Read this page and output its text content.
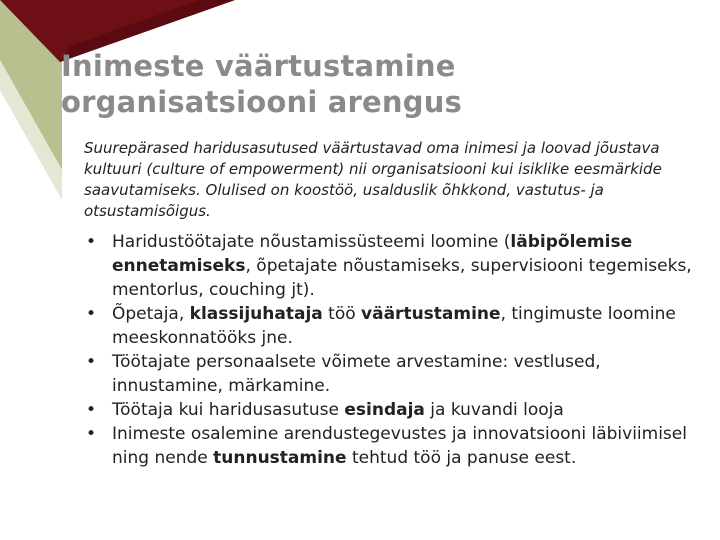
Inimeste väärtustamine
organisatsiooni arengus

Suurepärased haridusasutused väärtustavad oma inimesi ja loovad jõustava kultuuri (culture of empowerment) nii organisatsiooni kui isiklike eesmärkide saavutamiseks. Olulised on koostöö, usalduslik õhkkond, vastutus- ja otsustamisõigus.

• Haridustöötajate nõustamissüsteemi loomine (läbipõlemise ennetamiseks, õpetajate nõustamiseks, supervisiooni tegemiseks, mentorlus, couching jt).
• Õpetaja, klassijuhataja töö väärtustamine, tingimuste loomine meeskonnatööks jne.
• Töötajate personaalsete võimete arvestamine: vestlused, innustamine, märkamine.
• Töötaja kui haridusasutuse esindaja ja kuvandi looja
• Inimeste osalemine arendustegevustes ja innovatsiooni läbiviimisel ning nende tunnustamine tehtud töö ja panuse eest.
